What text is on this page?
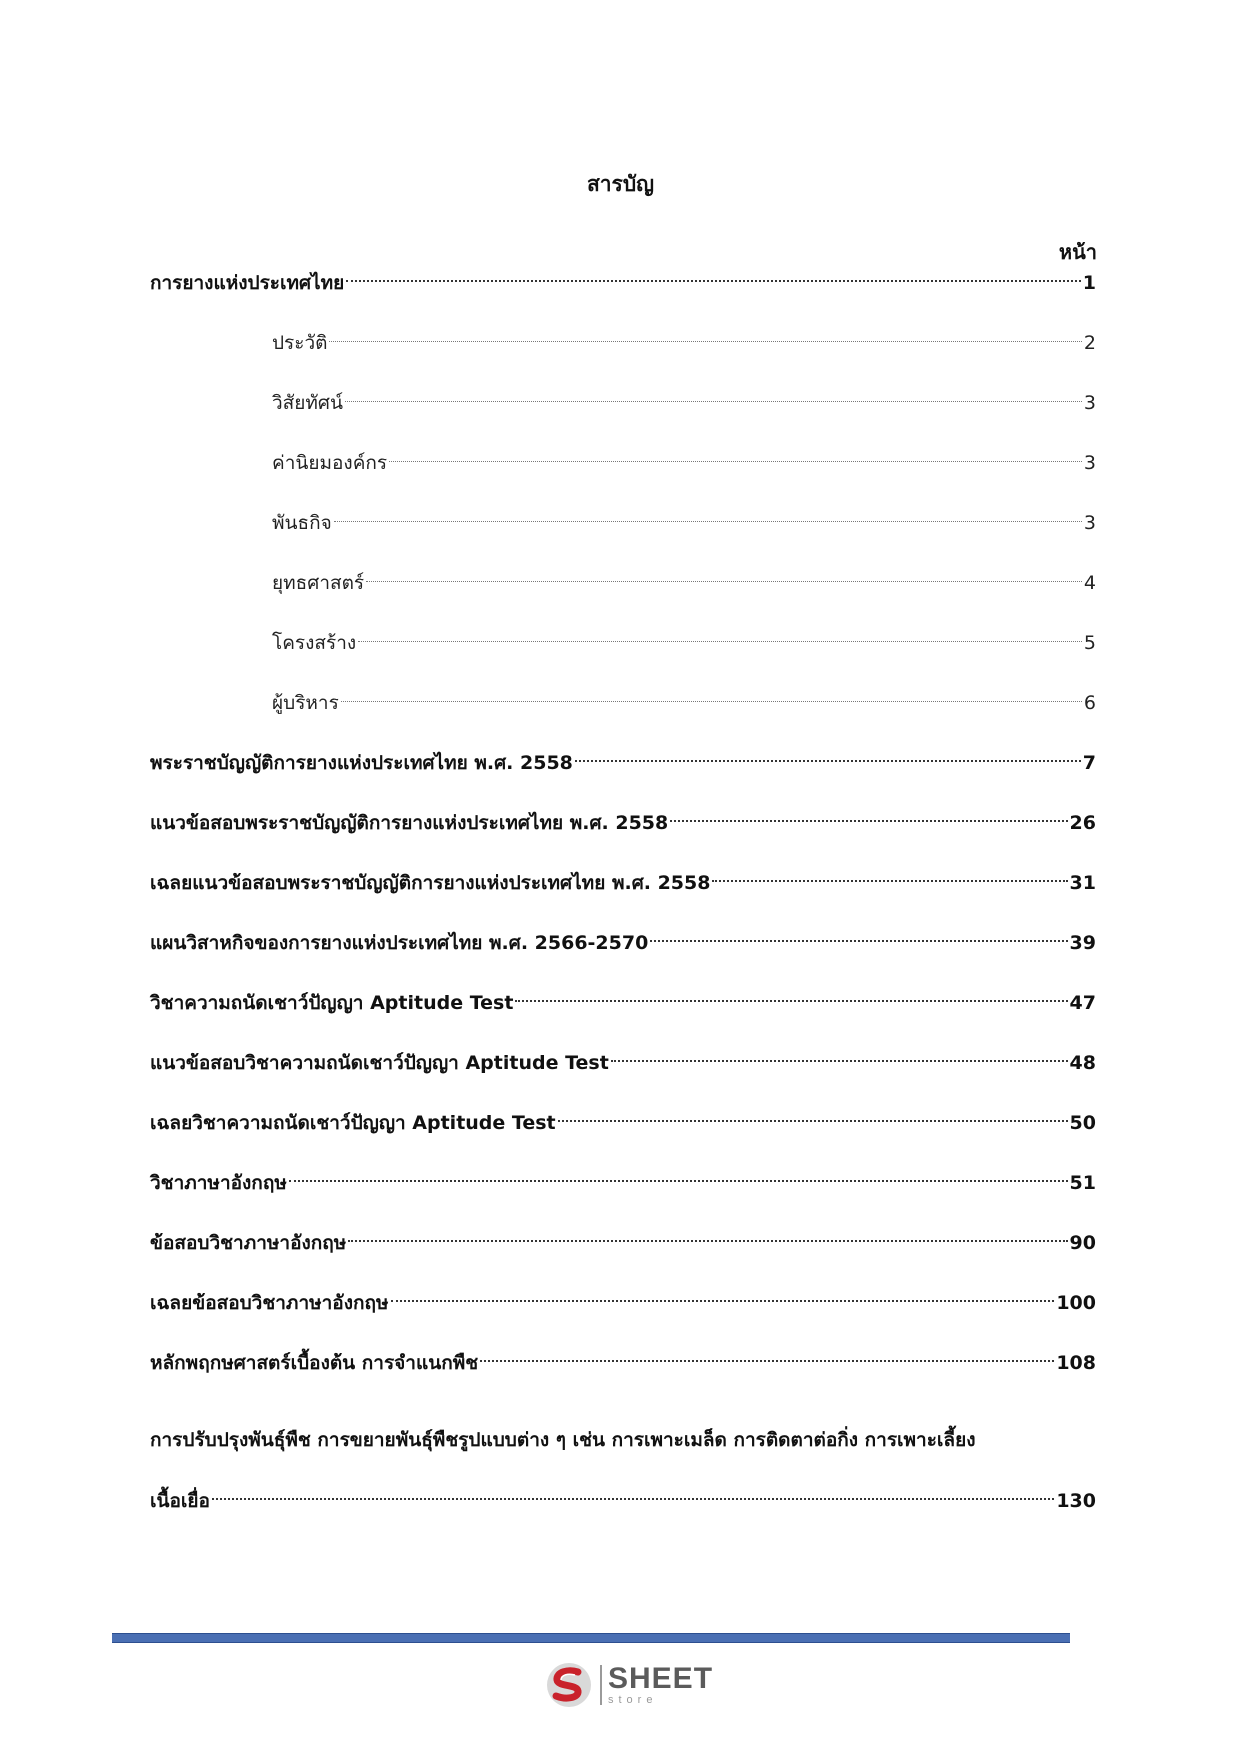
สารบัญ
หน้า
การยางแห่งประเทศไทย	1
ประวัติ	2
วิสัยทัศน์	3
ค่านิยมองค์กร	3
พันธกิจ	3
ยุทธศาสตร์	4
โครงสร้าง	5
ผู้บริหาร	6
พระราชบัญญัติการยางแห่งประเทศไทย พ.ศ. 2558	7
แนวข้อสอบพระราชบัญญัติการยางแห่งประเทศไทย พ.ศ. 2558	26
เฉลยแนวข้อสอบพระราชบัญญัติการยางแห่งประเทศไทย พ.ศ. 2558	31
แผนวิสาหกิจของการยางแห่งประเทศไทย พ.ศ. 2566-2570	39
วิชาความถนัดเชาว์ปัญญา Aptitude Test	47
แนวข้อสอบวิชาความถนัดเชาว์ปัญญา Aptitude Test	48
เฉลยวิชาความถนัดเชาว์ปัญญา Aptitude Test	50
วิชาภาษาอังกฤษ	51
ข้อสอบวิชาภาษาอังกฤษ	90
เฉลยข้อสอบวิชาภาษาอังกฤษ	100
หลักพฤกษศาสตร์เบื้องต้น การจำแนกพืช	108
การปรับปรุงพันธุ์พืช การขยายพันธุ์พืชรูปแบบต่าง ๆ เช่น การเพาะเมล็ด การติดตาต่อกิ่ง การเพาะเลี้ยง
เนื้อเยื่อ	130
SHEET
store
